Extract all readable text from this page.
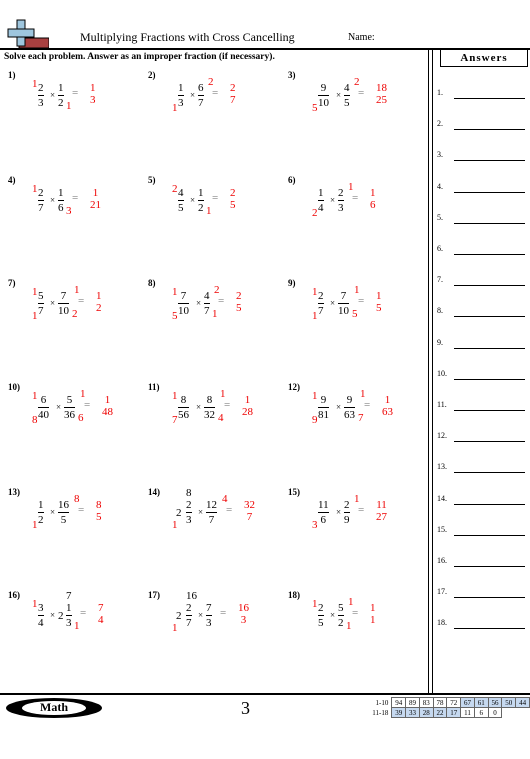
Multiplying Fractions with Cross Cancelling	Name:
Solve each problem. Answer as an improper fraction (if necessary).	Answers
1.
2.
3.
4.
5.
6.
7.
8.
9.
10.
11.
12.
13.
14.
15.
16.
17.
18.
1)
1 2
3
×
1
2 1
= 1
3
2)
1
1
3
×
6
7
2
= 2
7
3)
5
9
10
×
4
5
2
= 18
25
4)
1 2
7
×
1
6 3
= 1
21
5)
2 4
5
×
1
2 1
= 2
5
6)
2
1
4
×
2
3
1
= 1
6
7)
1
1
5
7
×
7
10
1
2
= 1
2
8)
1
5
7
10
×
4
7
2
1
= 2
5
9)
1
1
2
7
×
7
10
1
5
= 1
5
10)
1
8
6
40
×
5
36
1
6
= 1
48
11)
1
7
8
56
×
8
32
1
4
= 1
28
12)
1
9
9
81
×
9
63
1
7
= 1
63
13)
1
1
2
×
16
5
8
= 8
5
14)
1
2
8
2
3
×
12
7
4
= 32
7
15)
3
11
6
×
2
9
1
= 11
27
16)
1 3
4
× 2
7
1
3 1
= 7
4
17)
1
2
16
2
7
×
7
3
= 16
3
18)
1 2
5
×
5
2
1
1
= 1
1
Math	3	1-10	94	89	83	78	72	67	61	56	50	44
11-18	39	33	28	22	17	11	6	0		
